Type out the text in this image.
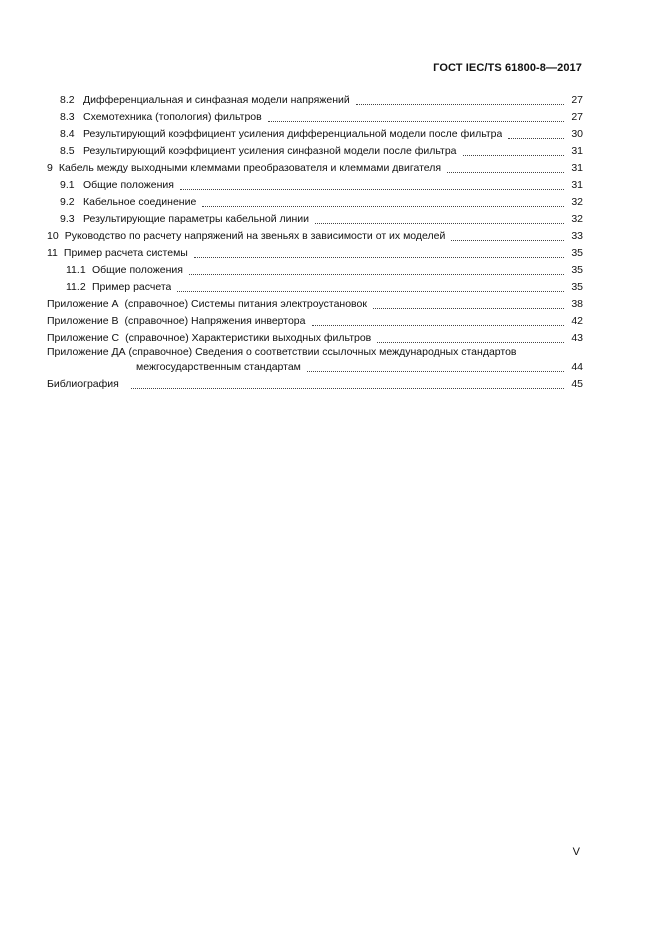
ГОСТ IEC/TS 61800-8—2017
8.2 Дифференциальная и синфазная модели напряжений	27
8.3 Схемотехника (топология) фильтров	27
8.4 Результирующий коэффициент усиления дифференциальной модели после фильтра	30
8.5 Результирующий коэффициент усиления синфазной модели после фильтра	31
9 Кабель между выходными клеммами преобразователя и клеммами двигателя	31
9.1 Общие положения	31
9.2 Кабельное соединение	32
9.3 Результирующие параметры кабельной линии	32
10 Руководство по расчету напряжений на звеньях в зависимости от их моделей	33
11 Пример расчета системы	35
11.1 Общие положения	35
11.2 Пример расчета	35
Приложение А (справочное) Системы питания электроустановок	38
Приложение В (справочное) Напряжения инвертора	42
Приложение С (справочное) Характеристики выходных фильтров	43
Приложение ДА (справочное) Сведения о соответствии ссылочных международных стандартов
межгосударственным стандартам	44
Библиография	45
V
